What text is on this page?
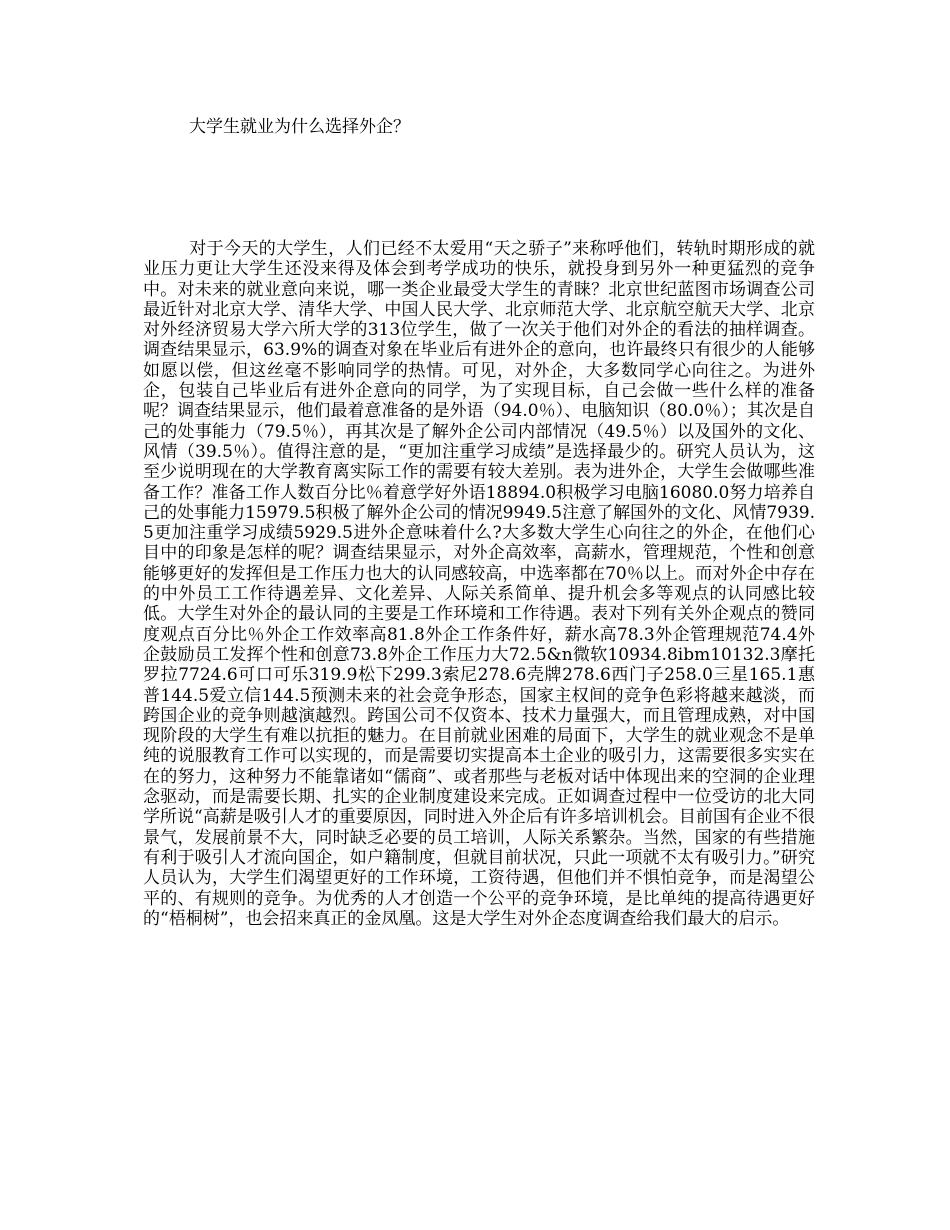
大学生就业为什么选择外企？

对于今天的大学生，人们已经不太爱用“天之骄子”来称呼他们，转轨时期形成的就业压力更让大学生还没来得及体会到考学成功的快乐，就投身到另外一种更猛烈的竞争中。对未来的就业意向来说，哪一类企业最受大学生的青睐？北京世纪蓝图市场调查公司最近针对北京大学、清华大学、中国人民大学、北京师范大学、北京航空航天大学、北京对外经济贸易大学六所大学的313位学生，做了一次关于他们对外企的看法的抽样调查。调查结果显示，63.9%的调查对象在毕业后有进外企的意向，也许最终只有很少的人能够如愿以偿，但这丝毫不影响同学的热情。可见，对外企，大多数同学心向往之。为进外企，包装自己毕业后有进外企意向的同学，为了实现目标，自己会做一些什么样的准备呢？调查结果显示，他们最着意准备的是外语（94.0％）、电脑知识（80.0％）；其次是自己的处事能力（79.5％），再其次是了解外企公司内部情况（49.5％）以及国外的文化、风情（39.5％）。值得注意的是，“更加注重学习成绩”是选择最少的。研究人员认为，这至少说明现在的大学教育离实际工作的需要有较大差别。表为进外企，大学生会做哪些准备工作？准备工作人数百分比％着意学好外语18894.0积极学习电脑16080.0努力培养自己的处事能力15979.5积极了解外企公司的情况9949.5注意了解国外的文化、风情7939.5更加注重学习成绩5929.5进外企意味着什么?大多数大学生心向往之的外企，在他们心目中的印象是怎样的呢？调查结果显示，对外企高效率，高薪水，管理规范，个性和创意能够更好的发挥但是工作压力也大的认同感较高，中选率都在70％以上。而对外企中存在的中外员工工作待遇差异、文化差异、人际关系简单、提升机会多等观点的认同感比较低。大学生对外企的最认同的主要是工作环境和工作待遇。表对下列有关外企观点的赞同度观点百分比％外企工作效率高81.8外企工作条件好，薪水高78.3外企管理规范74.4外企鼓励员工发挥个性和创意73.8外企工作压力大72.5&n微软10934.8ibm10132.3摩托罗拉7724.6可口可乐319.9松下299.3索尼278.6壳牌278.6西门子258.0三星165.1惠普144.5爱立信144.5预测未来的社会竞争形态，国家主权间的竞争色彩将越来越淡，而跨国企业的竞争则越演越烈。跨国公司不仅资本、技术力量强大，而且管理成熟，对中国现阶段的大学生有难以抗拒的魅力。在目前就业困难的局面下，大学生的就业观念不是单纯的说服教育工作可以实现的，而是需要切实提高本土企业的吸引力，这需要很多实实在在的努力，这种努力不能靠诸如“儒商”、或者那些与老板对话中体现出来的空洞的企业理念驱动，而是需要长期、扎实的企业制度建设来完成。正如调查过程中一位受访的北大同学所说“高薪是吸引人才的重要原因，同时进入外企后有许多培训机会。目前国有企业不很景气，发展前景不大，同时缺乏必要的员工培训，人际关系繁杂。当然，国家的有些措施有利于吸引人才流向国企，如户籍制度，但就目前状况，只此一项就不太有吸引力。”研究人员认为，大学生们渴望更好的工作环境，工资待遇，但他们并不惧怕竞争，而是渴望公平的、有规则的竞争。为优秀的人才创造一个公平的竞争环境，是比单纯的提高待遇更好的“梧桐树”，也会招来真正的金凤凰。这是大学生对外企态度调查给我们最大的启示。
